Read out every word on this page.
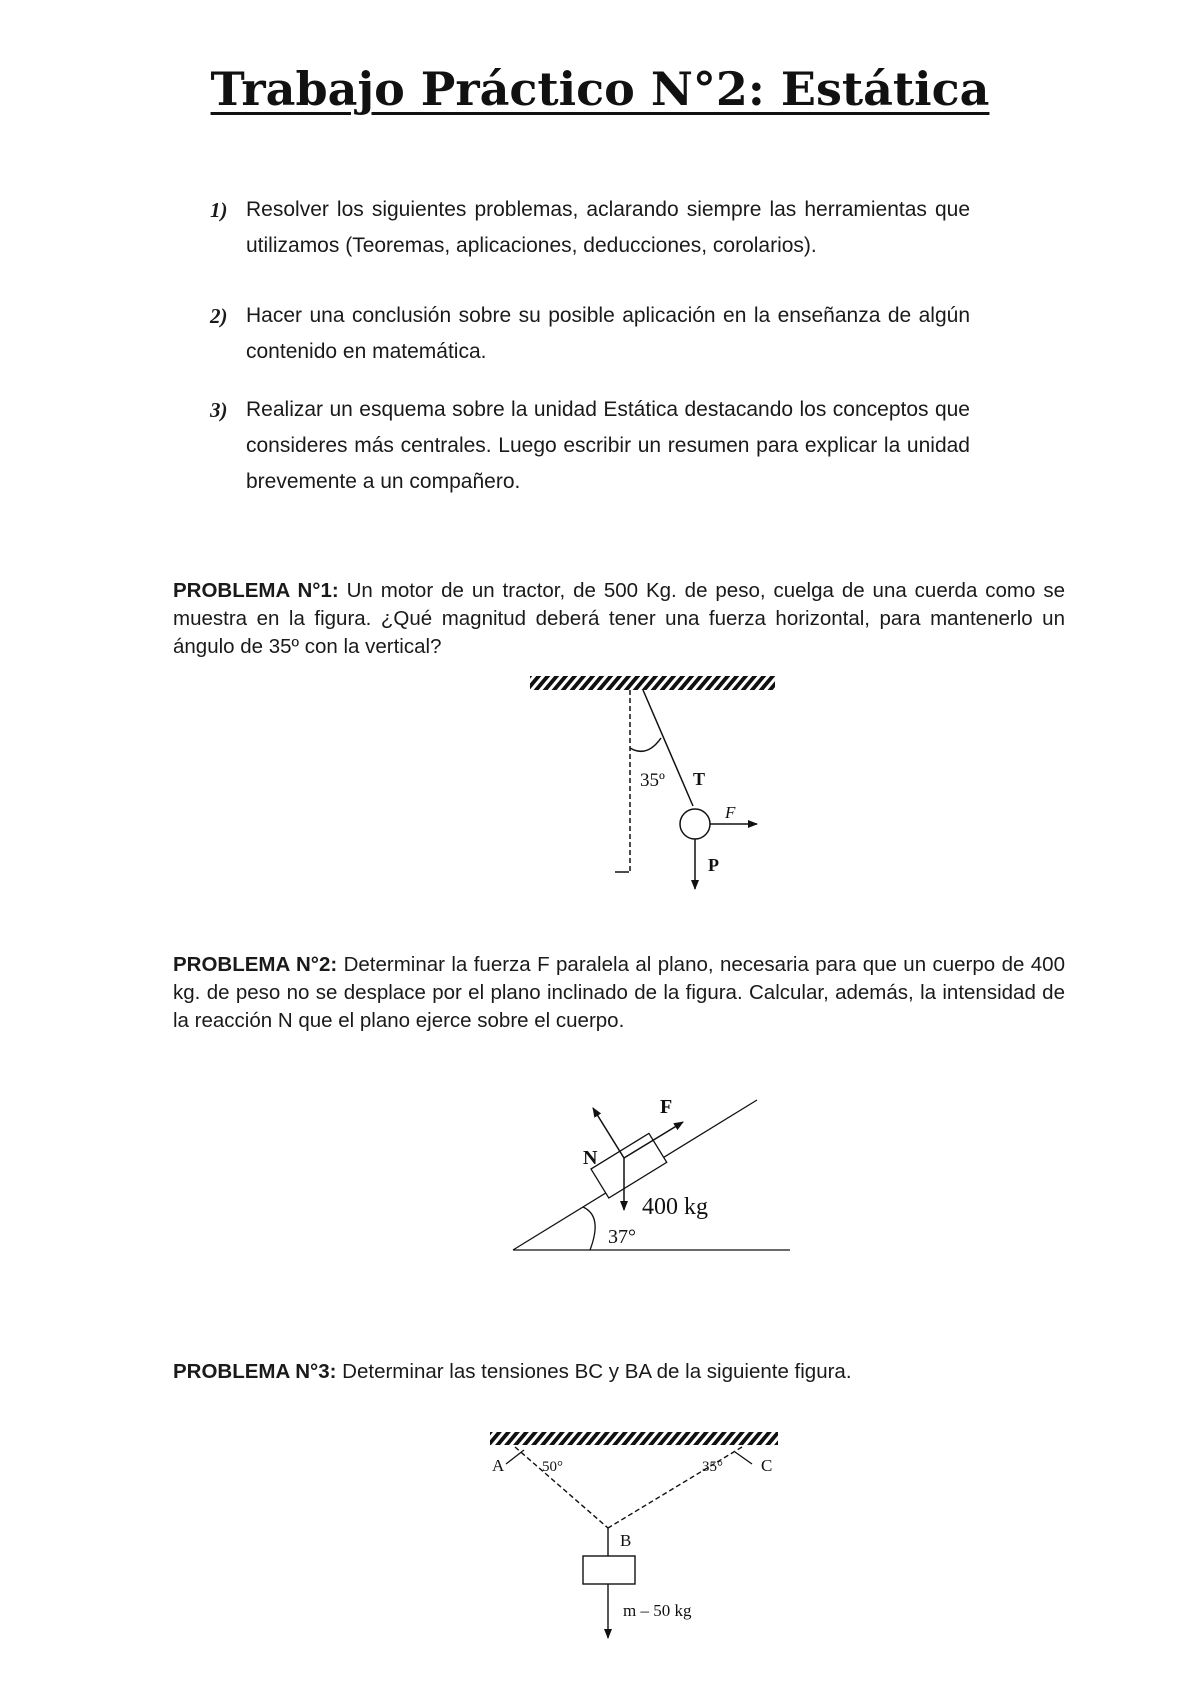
Trabajo Práctico N°2: Estática
1) Resolver los siguientes problemas, aclarando siempre las herramientas que utilizamos (Teoremas, aplicaciones, deducciones, corolarios).
2) Hacer una conclusión sobre su posible aplicación en la enseñanza de algún contenido en matemática.
3) Realizar un esquema sobre la unidad Estática destacando los conceptos que consideres más centrales. Luego escribir un resumen para explicar la unidad brevemente a un compañero.
PROBLEMA N°1: Un motor de un tractor, de 500 Kg. de peso, cuelga de una cuerda como se muestra en la figura. ¿Qué magnitud deberá tener una fuerza horizontal, para mantenerlo un ángulo de 35º con la vertical?
35º T
F
P
PROBLEMA N°2: Determinar la fuerza F paralela al plano, necesaria para que un cuerpo de 400 kg. de peso no se desplace por el plano inclinado de la figura. Calcular, además, la intensidad de la reacción N que el plano ejerce sobre el cuerpo.
37°
N
F
400 kg
PROBLEMA N°3: Determinar las tensiones BC y BA de la siguiente figura.
A	50°	35° C
B
m – 50 kg
